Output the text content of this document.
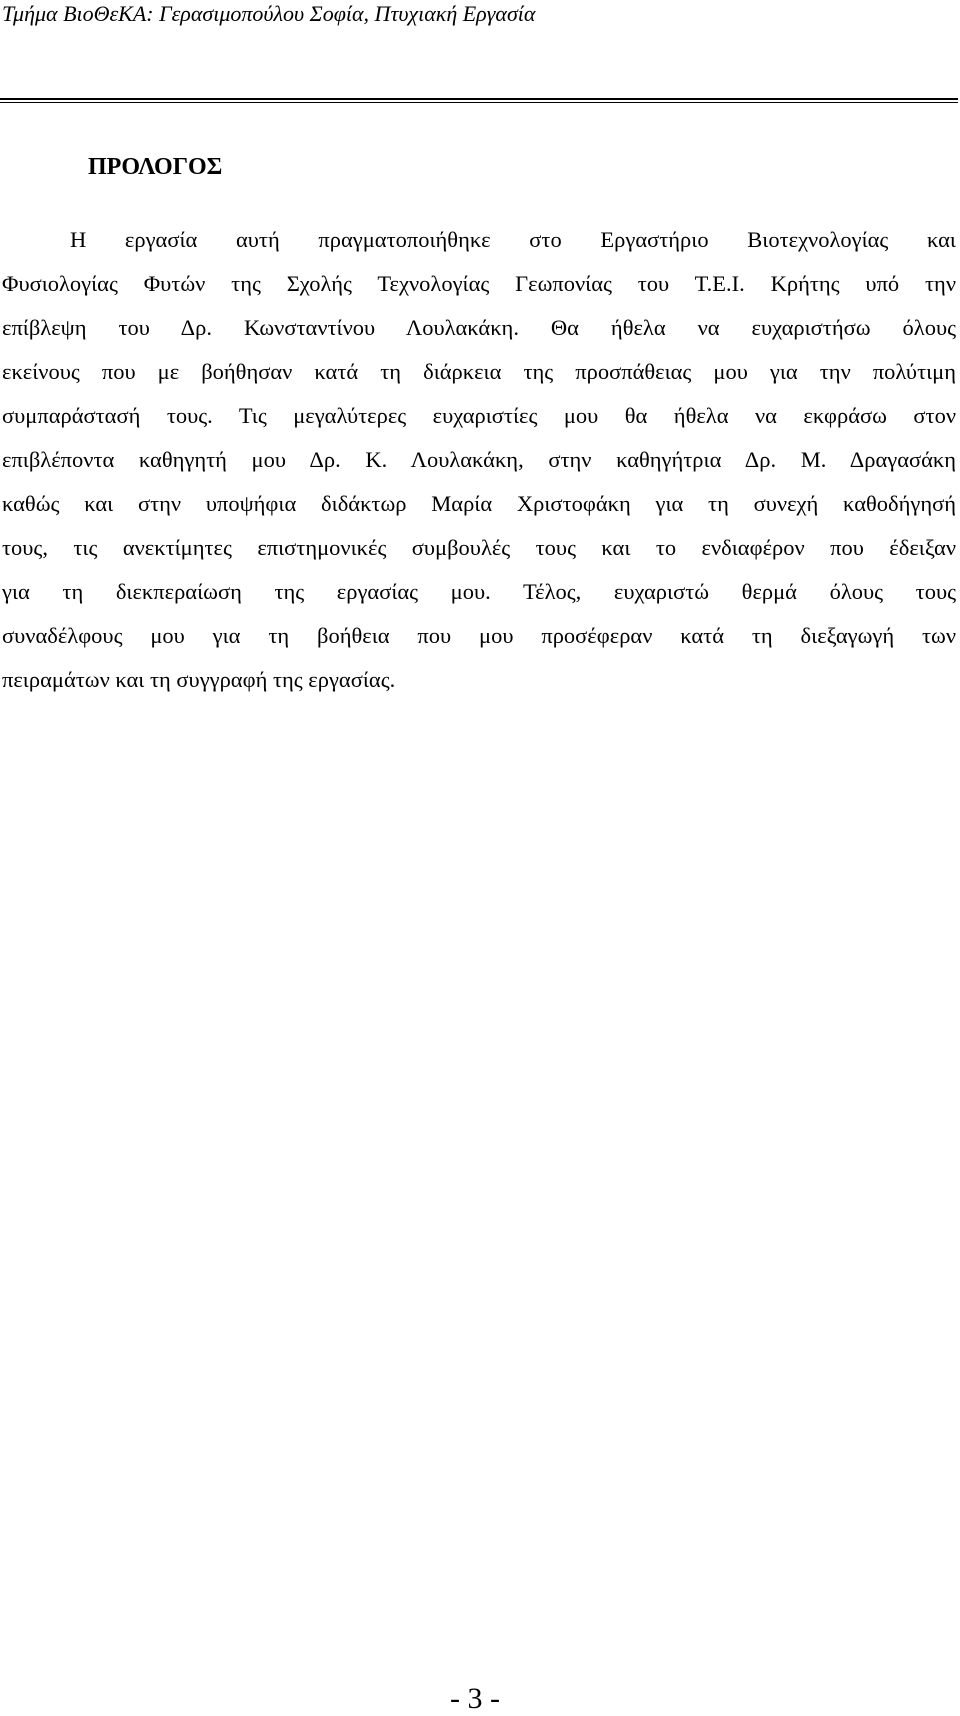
Τμήμα ΒιοΘεΚΑ: Γερασιμοπούλου Σοφία, Πτυχιακή Εργασία
ΠΡΟΛΟΓΟΣ
Η εργασία αυτή πραγματοποιήθηκε στο Εργαστήριο Βιοτεχνολογίας και
Φυσιολογίας Φυτών της Σχολής Τεχνολογίας Γεωπονίας του Τ.Ε.Ι. Κρήτης υπό την
επίβλεψη του Δρ. Κωνσταντίνου Λουλακάκη. Θα ήθελα να ευχαριστήσω όλους
εκείνους που με βοήθησαν κατά τη διάρκεια της προσπάθειας μου για την πολύτιμη
συμπαράστασή τους. Τις μεγαλύτερες ευχαριστίες μου θα ήθελα να εκφράσω στον
επιβλέποντα καθηγητή μου Δρ. Κ. Λουλακάκη, στην καθηγήτρια Δρ. Μ. Δραγασάκη
καθώς και στην υποψήφια διδάκτωρ Μαρία Χριστοφάκη για τη συνεχή καθοδήγησή
τους, τις ανεκτίμητες επιστημονικές συμβουλές τους και το ενδιαφέρον που έδειξαν
για τη διεκπεραίωση της εργασίας μου. Τέλος, ευχαριστώ θερμά όλους τους
συναδέλφους μου για τη βοήθεια που μου προσέφεραν κατά τη διεξαγωγή των
πειραμάτων και τη συγγραφή της εργασίας.
- 3 -
